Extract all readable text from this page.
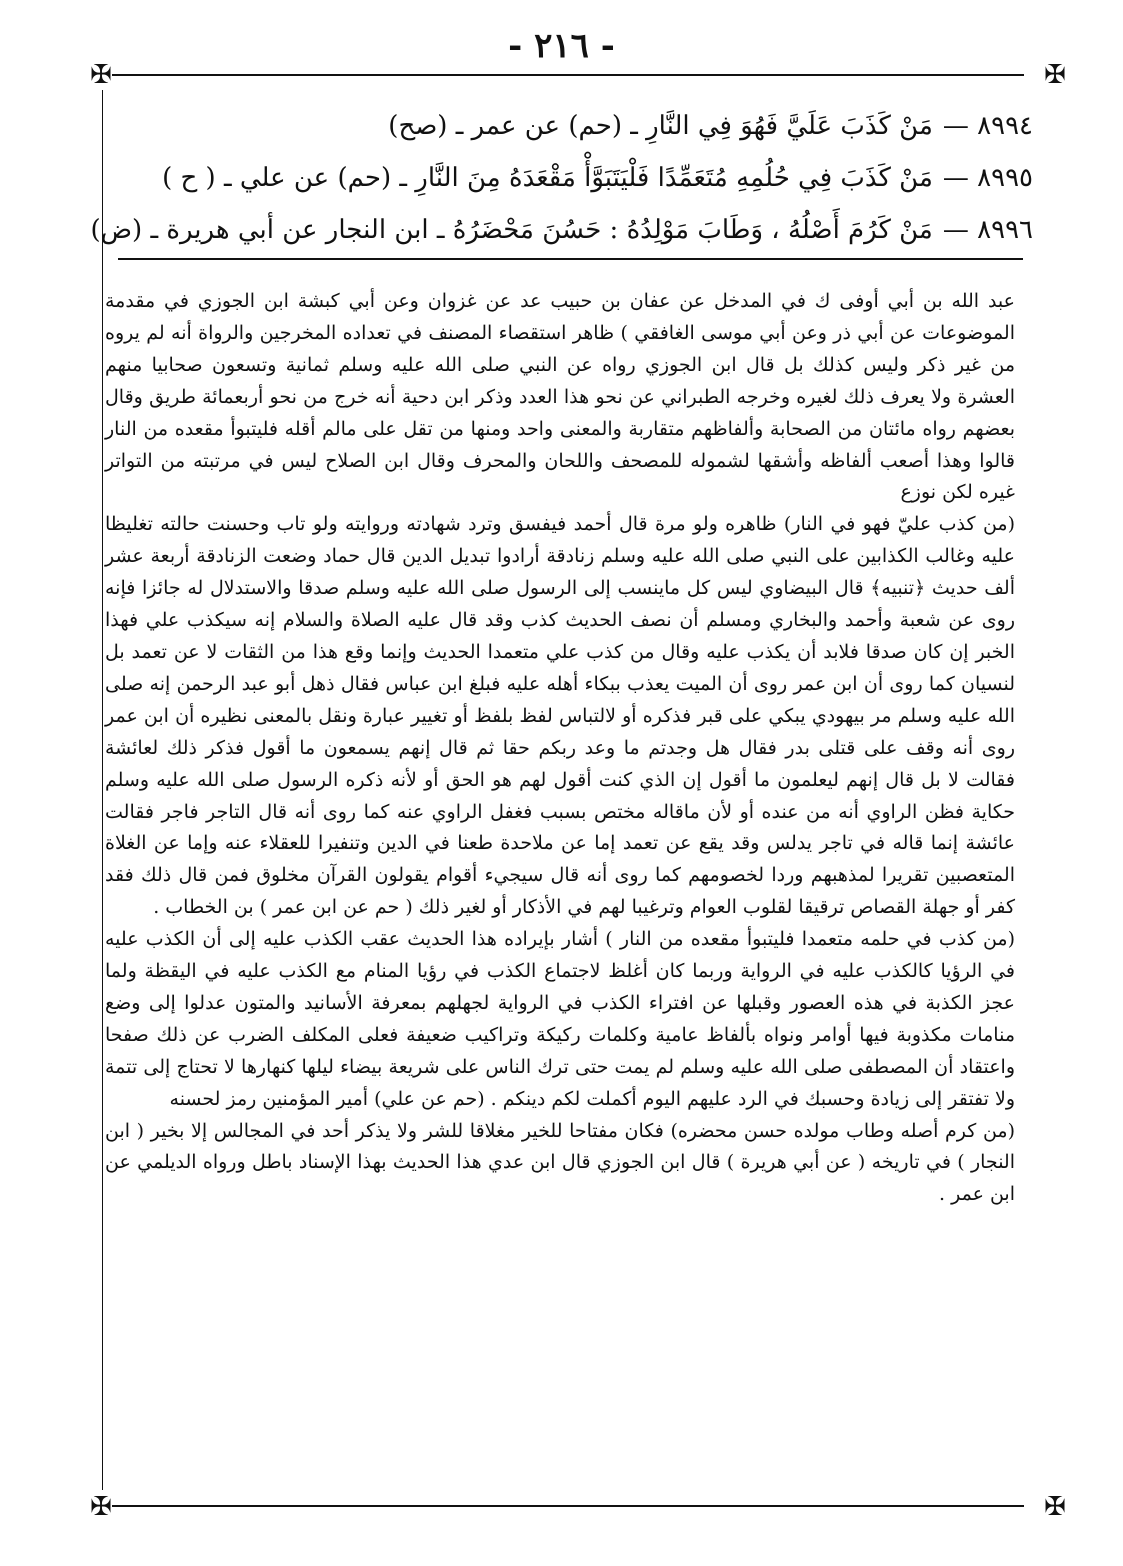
- ٢١٦ -
✠	✠
✠	✠
٨٩٩٤ —مَنْ كَذَبَ عَلَيَّ فَهُوَ فِي النَّارِ ـ (حم) عن عمر ـ (صح)
٨٩٩٥ —مَنْ كَذَبَ فِي حُلُمِهِ مُتَعَمِّدًا فَلْيَتَبَوَّأْ مَقْعَدَهُ مِنَ النَّارِ ـ (حم) عن علي ـ ( ح )
٨٩٩٦ —مَنْ كَرُمَ أَصْلُهُ ، وَطَابَ مَوْلِدُهُ : حَسُنَ مَحْضَرُهُ ـ ابن النجار عن أبي هريرة ـ (ض)

عبد الله بن أبي أوفى ك في المدخل عن عفان بن حبيب عد عن غزوان وعن أبي كبشة ابن الجوزي في مقدمة الموضوعات عن أبي ذر وعن أبي موسى الغافقي ) ظاهر استقصاء المصنف في تعداده المخرجين والرواة أنه لم يروه من غير ذكر وليس كذلك بل قال ابن الجوزي رواه عن النبي صلى الله عليه وسلم ثمانية وتسعون صحابيا منهم العشرة ولا يعرف ذلك لغيره وخرجه الطبراني عن نحو هذا العدد وذكر ابن دحية أنه خرج من نحو أربعمائة طريق وقال بعضهم رواه مائتان من الصحابة وألفاظهم متقاربة والمعنى واحد ومنها من تقل على مالم أقله فليتبوأ مقعده من النار قالوا وهذا أصعب ألفاظه وأشقها لشموله للمصحف واللحان والمحرف وقال ابن الصلاح ليس في مرتبته من التواتر غيره لكن نوزع

(من كذب عليّ فهو في النار) ظاهره ولو مرة قال أحمد فيفسق وترد شهادته وروايته ولو تاب وحسنت حالته تغليظا عليه وغالب الكذابين على النبي صلى الله عليه وسلم زنادقة أرادوا تبديل الدين قال حماد وضعت الزنادقة أربعة عشر ألف حديث ﴿تنبيه﴾ قال البيضاوي ليس كل ماينسب إلى الرسول صلى الله عليه وسلم صدقا والاستدلال له جائزا فإنه روى عن شعبة وأحمد والبخاري ومسلم أن نصف الحديث كذب وقد قال عليه الصلاة والسلام إنه سيكذب علي فهذا الخبر إن كان صدقا فلابد أن يكذب عليه وقال من كذب علي متعمدا الحديث وإنما وقع هذا من الثقات لا عن تعمد بل لنسيان كما روى أن ابن عمر روى أن الميت يعذب ببكاء أهله عليه فبلغ ابن عباس فقال ذهل أبو عبد الرحمن إنه صلى الله عليه وسلم مر بيهودي يبكي على قبر فذكره أو لالتباس لفظ بلفظ أو تغيير عبارة ونقل بالمعنى نظيره أن ابن عمر روى أنه وقف على قتلى بدر فقال هل وجدتم ما وعد ربكم حقا ثم قال إنهم يسمعون ما أقول فذكر ذلك لعائشة فقالت لا بل قال إنهم ليعلمون ما أقول إن الذي كنت أقول لهم هو الحق أو لأنه ذكره الرسول صلى الله عليه وسلم حكاية فظن الراوي أنه من عنده أو لأن ماقاله مختص بسبب فغفل الراوي عنه كما روى أنه قال التاجر فاجر فقالت عائشة إنما قاله في تاجر يدلس وقد يقع عن تعمد إما عن ملاحدة طعنا في الدين وتنفيرا للعقلاء عنه وإما عن الغلاة المتعصبين تقريرا لمذهبهم وردا لخصومهم كما روى أنه قال سيجيء أقوام يقولون القرآن مخلوق فمن قال ذلك فقد كفر أو جهلة القصاص ترقيقا لقلوب العوام وترغيبا لهم في الأذكار أو لغير ذلك ( حم عن ابن عمر ) بن الخطاب .

(من كذب في حلمه متعمدا فليتبوأ مقعده من النار ) أشار بإيراده هذا الحديث عقب الكذب عليه إلى أن الكذب عليه في الرؤيا كالكذب عليه في الرواية وربما كان أغلظ لاجتماع الكذب في رؤيا المنام مع الكذب عليه في اليقظة ولما عجز الكذبة في هذه العصور وقبلها عن افتراء الكذب في الرواية لجهلهم بمعرفة الأسانيد والمتون عدلوا إلى وضع منامات مكذوبة فيها أوامر ونواه بألفاظ عامية وكلمات ركيكة وتراكيب ضعيفة فعلى المكلف الضرب عن ذلك صفحا واعتقاد أن المصطفى صلى الله عليه وسلم لم يمت حتى ترك الناس على شريعة بيضاء ليلها كنهارها لا تحتاج إلى تتمة ولا تفتقر إلى زيادة وحسبك في الرد عليهم اليوم أكملت لكم دينكم . (حم عن علي) أمير المؤمنين رمز لحسنه

(من كرم أصله وطاب مولده حسن محضره) فكان مفتاحا للخير مغلاقا للشر ولا يذكر أحد في المجالس إلا بخير ( ابن النجار ) في تاريخه ( عن أبي هريرة ) قال ابن الجوزي قال ابن عدي هذا الحديث بهذا الإسناد باطل ورواه الديلمي عن ابن عمر .
